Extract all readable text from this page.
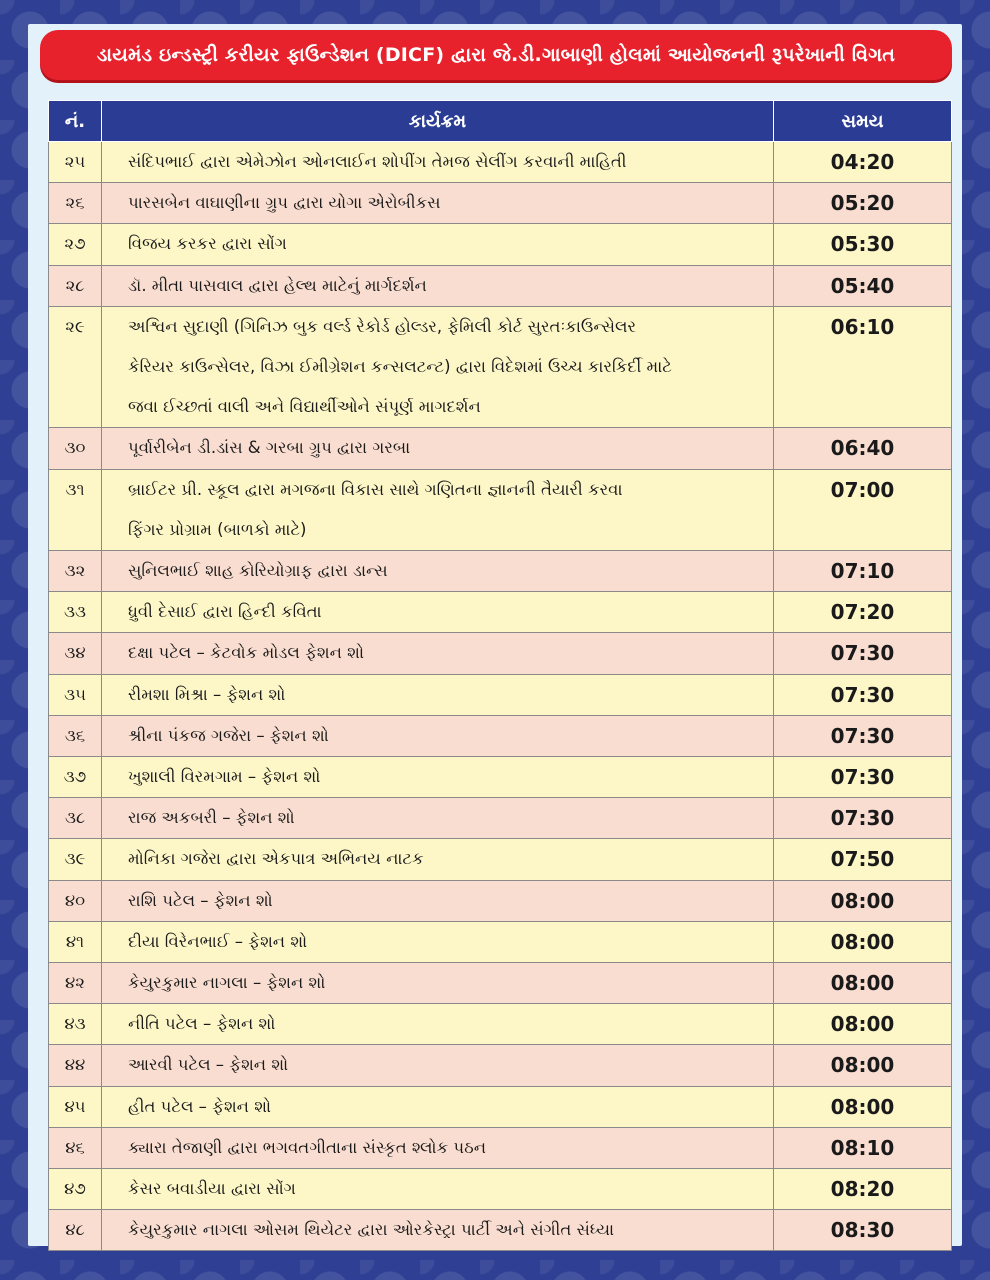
ડાયમંડ ઇન્ડસ્ટ્રી કરીયર ફાઉન્ડેશન (DICF) દ્વારા જે.ડી.ગાબાણી હોલમાં આયોજનની રૂપરેખાની વિગત
નં.	કાર્યક્રમ	સમય
૨૫	સંદિપભાઈ દ્વારા એમેઝોન ઓનલાઈન શોપીંગ તેમજ સેલીંગ કરવાની માહિતી	04:20
૨૬	પારસબેન વાઘાણીના ગ્રુપ દ્વારા યોગા એરોબીકસ	05:20
૨૭	વિજય કરકર દ્વારા સોંગ	05:30
૨૮	ડૉ. મીતા પાસવાલ દ્વારા હેલ્થ માટેનું માર્ગદર્શન	05:40
૨૯	અશ્વિન સુદાણી (ગિનિઝ બુક વર્લ્ડ રેકોર્ડ હોલ્ડર, ફેમિલી કોર્ટ સુરતઃકાઉન્સેલર
કેરિયર કાઉન્સેલર, વિઝા ઈમીગ્રેશન કન્સલટન્ટ) દ્વારા વિદેશમાં ઉચ્ચ કારકિર્દી માટે
જવા ઈચ્છતાં વાલી અને વિદ્યાર્થીઓને સંપૂર્ણ માગદર્શન	06:10
૩૦	પૂર્વારીબેન ડી.ડાંસ & ગરબા ગ્રુપ દ્વારા ગરબા	06:40
૩૧	બ્રાઈટર પ્રી. સ્કૂલ દ્વારા મગજના વિકાસ સાથે ગણિતના જ્ઞાનની તૈયારી કરવા
ફિંગર પ્રોગ્રામ (બાળકો માટે)	07:00
૩૨	સુનિલભાઈ શાહ કોરિયોગ્રાફ દ્વારા ડાન્સ	07:10
૩૩	ધ્રુવી દેસાઈ દ્વારા હિન્દી કવિતા	07:20
૩૪	દક્ષા પટેલ – કેટવોક મોડલ ફેશન શો	07:30
૩૫	રીમશા મિશ્રા – ફેશન શો	07:30
૩૬	શ્રીના પંકજ ગજેરા – ફેશન શો	07:30
૩૭	ખુશાલી વિરમગામ – ફેશન શો	07:30
૩૮	રાજ અકબરી – ફેશન શો	07:30
૩૯	મોનિકા ગજેરા દ્વારા એકપાત્ર અભિનય નાટક	07:50
૪૦	રાશિ પટેલ – ફેશન શો	08:00
૪૧	દીયા વિરેનભાઈ – ફેશન શો	08:00
૪૨	કેયુરકુમાર નાગલા – ફેશન શો	08:00
૪૩	નીતિ પટેલ – ફેશન શો	08:00
૪૪	આરવી પટેલ – ફેશન શો	08:00
૪૫	હીત પટેલ – ફેશન શો	08:00
૪૬	ક્યારા તેજાણી દ્વારા ભગવતગીતાના સંસ્કૃત શ્લોક પઠન	08:10
૪૭	કેસર બવાડીયા દ્વારા સોંગ	08:20
૪૮	કેયુરકુમાર નાગલા ઓસમ થિયેટર દ્વારા ઓરકેસ્ટ્રા પાર્ટી અને સંગીત સંધ્યા	08:30
